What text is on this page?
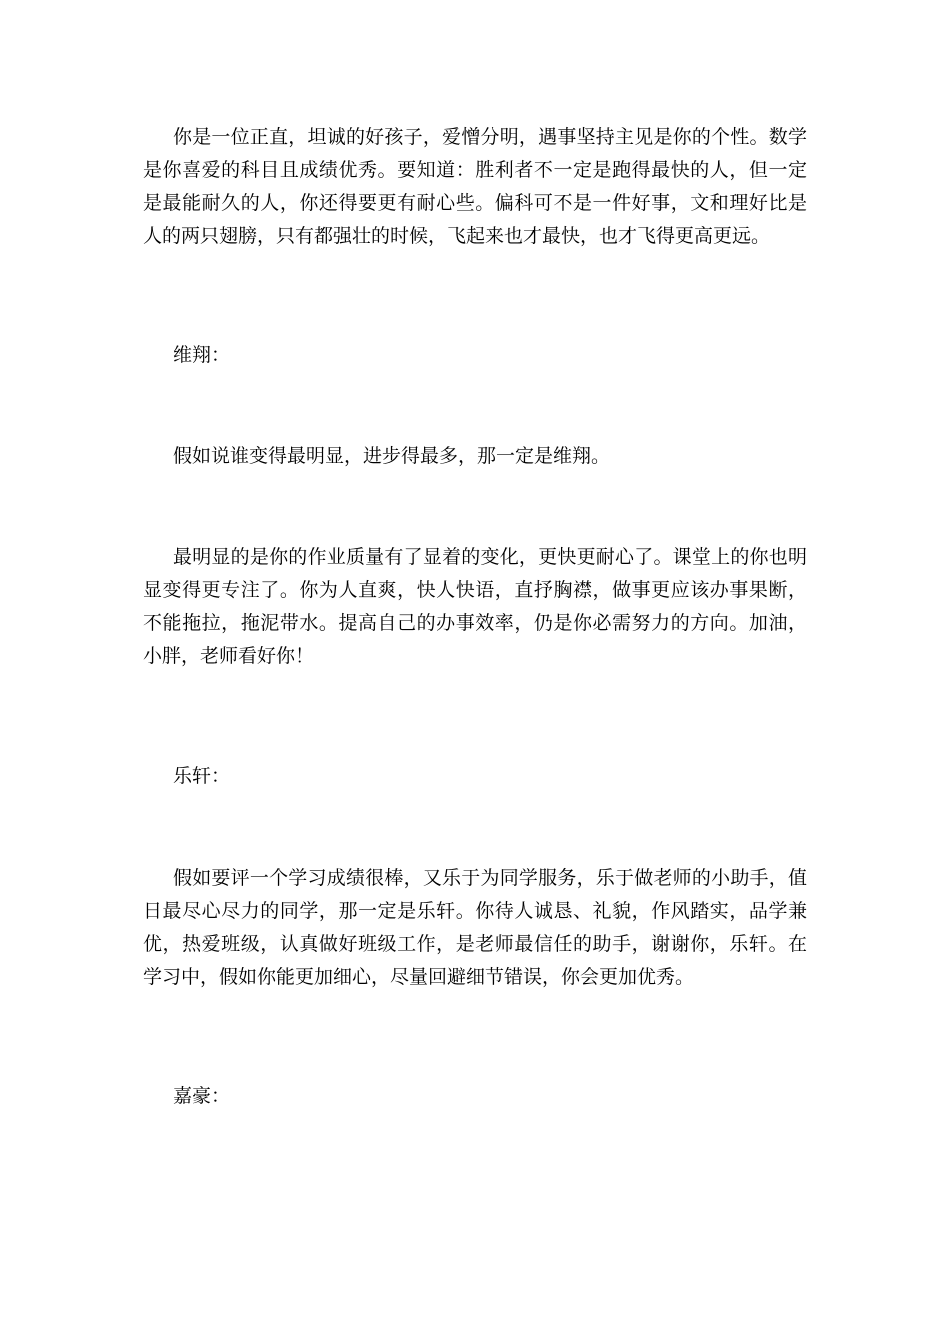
你是一位正直，坦诚的好孩子，爱憎分明，遇事坚持主见是你的个性。数学是你喜爱的科目且成绩优秀。要知道：胜利者不一定是跑得最快的人，但一定是最能耐久的人，你还得要更有耐心些。偏科可不是一件好事，文和理好比是人的两只翅膀，只有都强壮的时候，飞起来也才最快，也才飞得更高更远。

维翔：

假如说谁变得最明显，进步得最多，那一定是维翔。

最明显的是你的作业质量有了显着的变化，更快更耐心了。课堂上的你也明显变得更专注了。你为人直爽，快人快语，直抒胸襟，做事更应该办事果断，不能拖拉，拖泥带水。提高自己的办事效率，仍是你必需努力的方向。加油，小胖，老师看好你！

乐轩：

假如要评一个学习成绩很棒，又乐于为同学服务，乐于做老师的小助手，值日最尽心尽力的同学，那一定是乐轩。你待人诚恳、礼貌，作风踏实，品学兼优，热爱班级，认真做好班级工作，是老师最信任的助手，谢谢你，乐轩。在学习中，假如你能更加细心，尽量回避细节错误，你会更加优秀。

嘉豪：
